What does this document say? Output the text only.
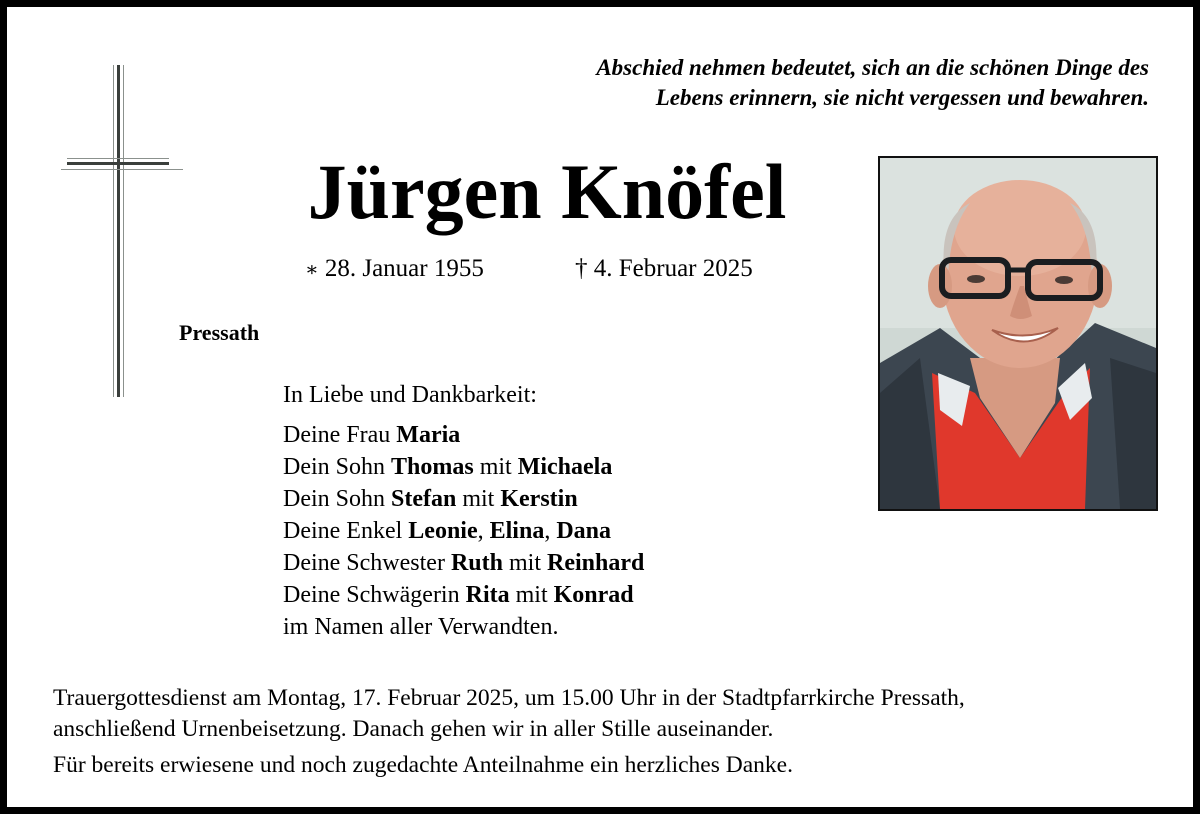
Abschied nehmen bedeutet, sich an die schönen Dinge des
Lebens erinnern, sie nicht vergessen und bewahren.
Jürgen Knöfel
∗ 28. Januar 1955	† 4. Februar 2025
Pressath
In Liebe und Dankbarkeit:
Deine Frau Maria
Dein Sohn Thomas mit Michaela
Dein Sohn Stefan mit Kerstin
Deine Enkel Leonie, Elina, Dana
Deine Schwester Ruth mit Reinhard
Deine Schwägerin Rita mit Konrad
im Namen aller Verwandten.
Trauergottesdienst am Montag, 17. Februar 2025, um 15.00 Uhr in der Stadtpfarrkirche Pressath,
anschließend Urnenbeisetzung. Danach gehen wir in aller Stille auseinander.
Für bereits erwiesene und noch zugedachte Anteilnahme ein herzliches Danke.
